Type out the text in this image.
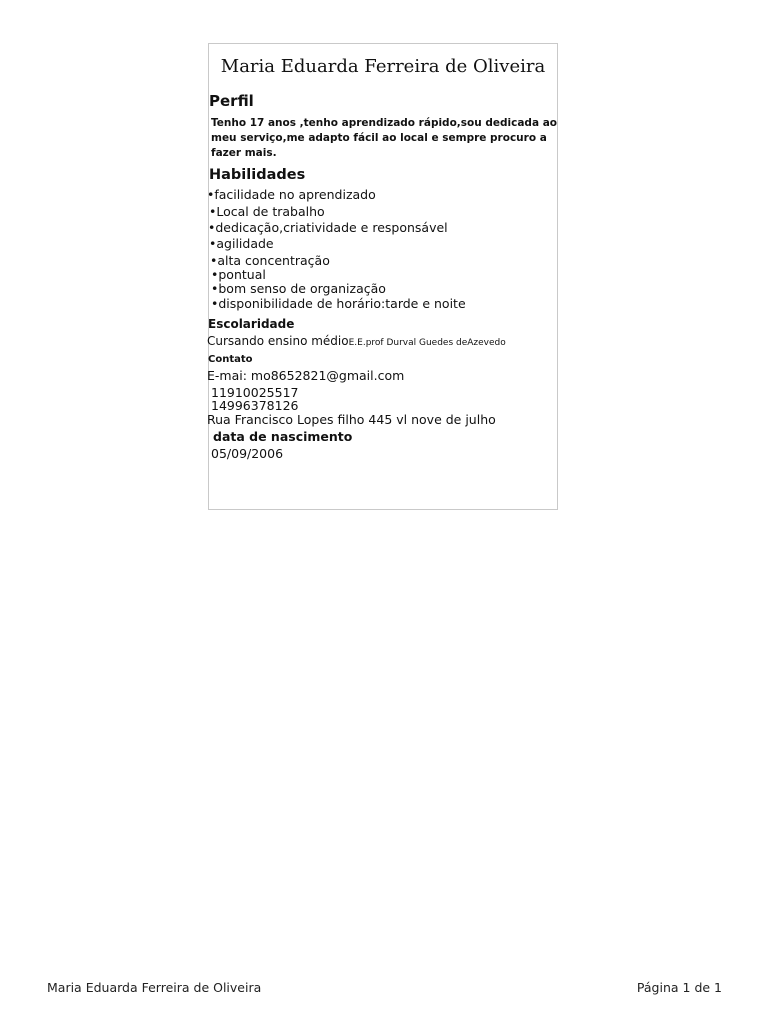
Maria Eduarda Ferreira de Oliveira
Perfil
Tenho 17 anos ,tenho aprendizado rápido,sou dedicada ao meu serviço,me adapto fácil ao local e sempre procuro a fazer mais.
Habilidades
•facilidade no aprendizado
•Local de trabalho
•dedicação,criatividade e responsável
•agilidade
•alta concentração
•pontual
•bom senso de organização
•disponibilidade de horário:tarde e noite
Escolaridade
Cursando ensino médioE.E.prof Durval Guedes deAzevedo
Contato
E-mai: mo8652821@gmail.com
11910025517
14996378126
Rua Francisco Lopes filho 445 vl nove de julho
data de nascimento
05/09/2006
Maria Eduarda Ferreira de Oliveira	Página 1 de 1
